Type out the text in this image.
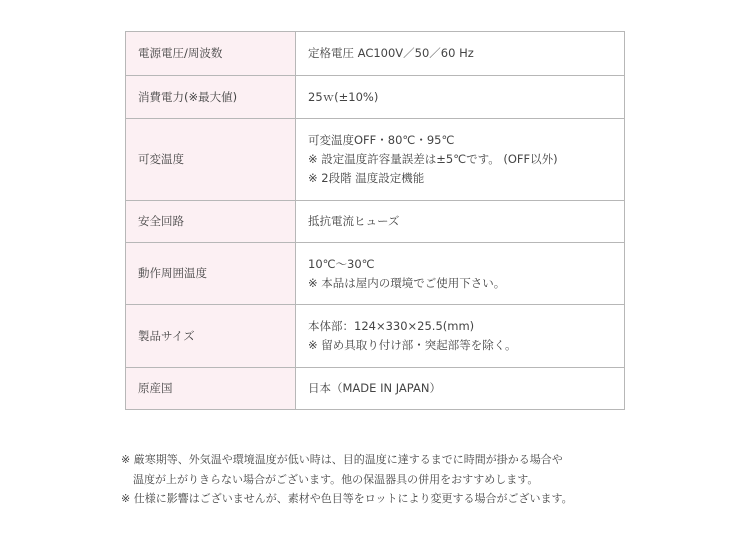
電源電圧/周波数	定格電圧 AC100V／50／60 Hz

消費電力(※最大値)	25ｗ(±10%)

可変温度	可変温度OFF・80℃・95℃
※ 設定温度許容量誤差は±5℃です。 (OFF以外)
※ 2段階 温度設定機能

安全回路	抵抗電流ヒューズ

動作周囲温度	10℃〜30℃
※ 本品は屋内の環境でご使用下さい。

製品サイズ	本体部：124×330×25.5(mm)
※ 留め具取り付け部・突起部等を除く。

原産国	日本（MADE IN JAPAN）
※ 厳寒期等、外気温や環境温度が低い時は、目的温度に達するまでに時間が掛かる場合や
温度が上がりきらない場合がございます。他の保温器具の併用をおすすめします。
※ 仕様に影響はございませんが、素材や色目等をロットにより変更する場合がございます。
